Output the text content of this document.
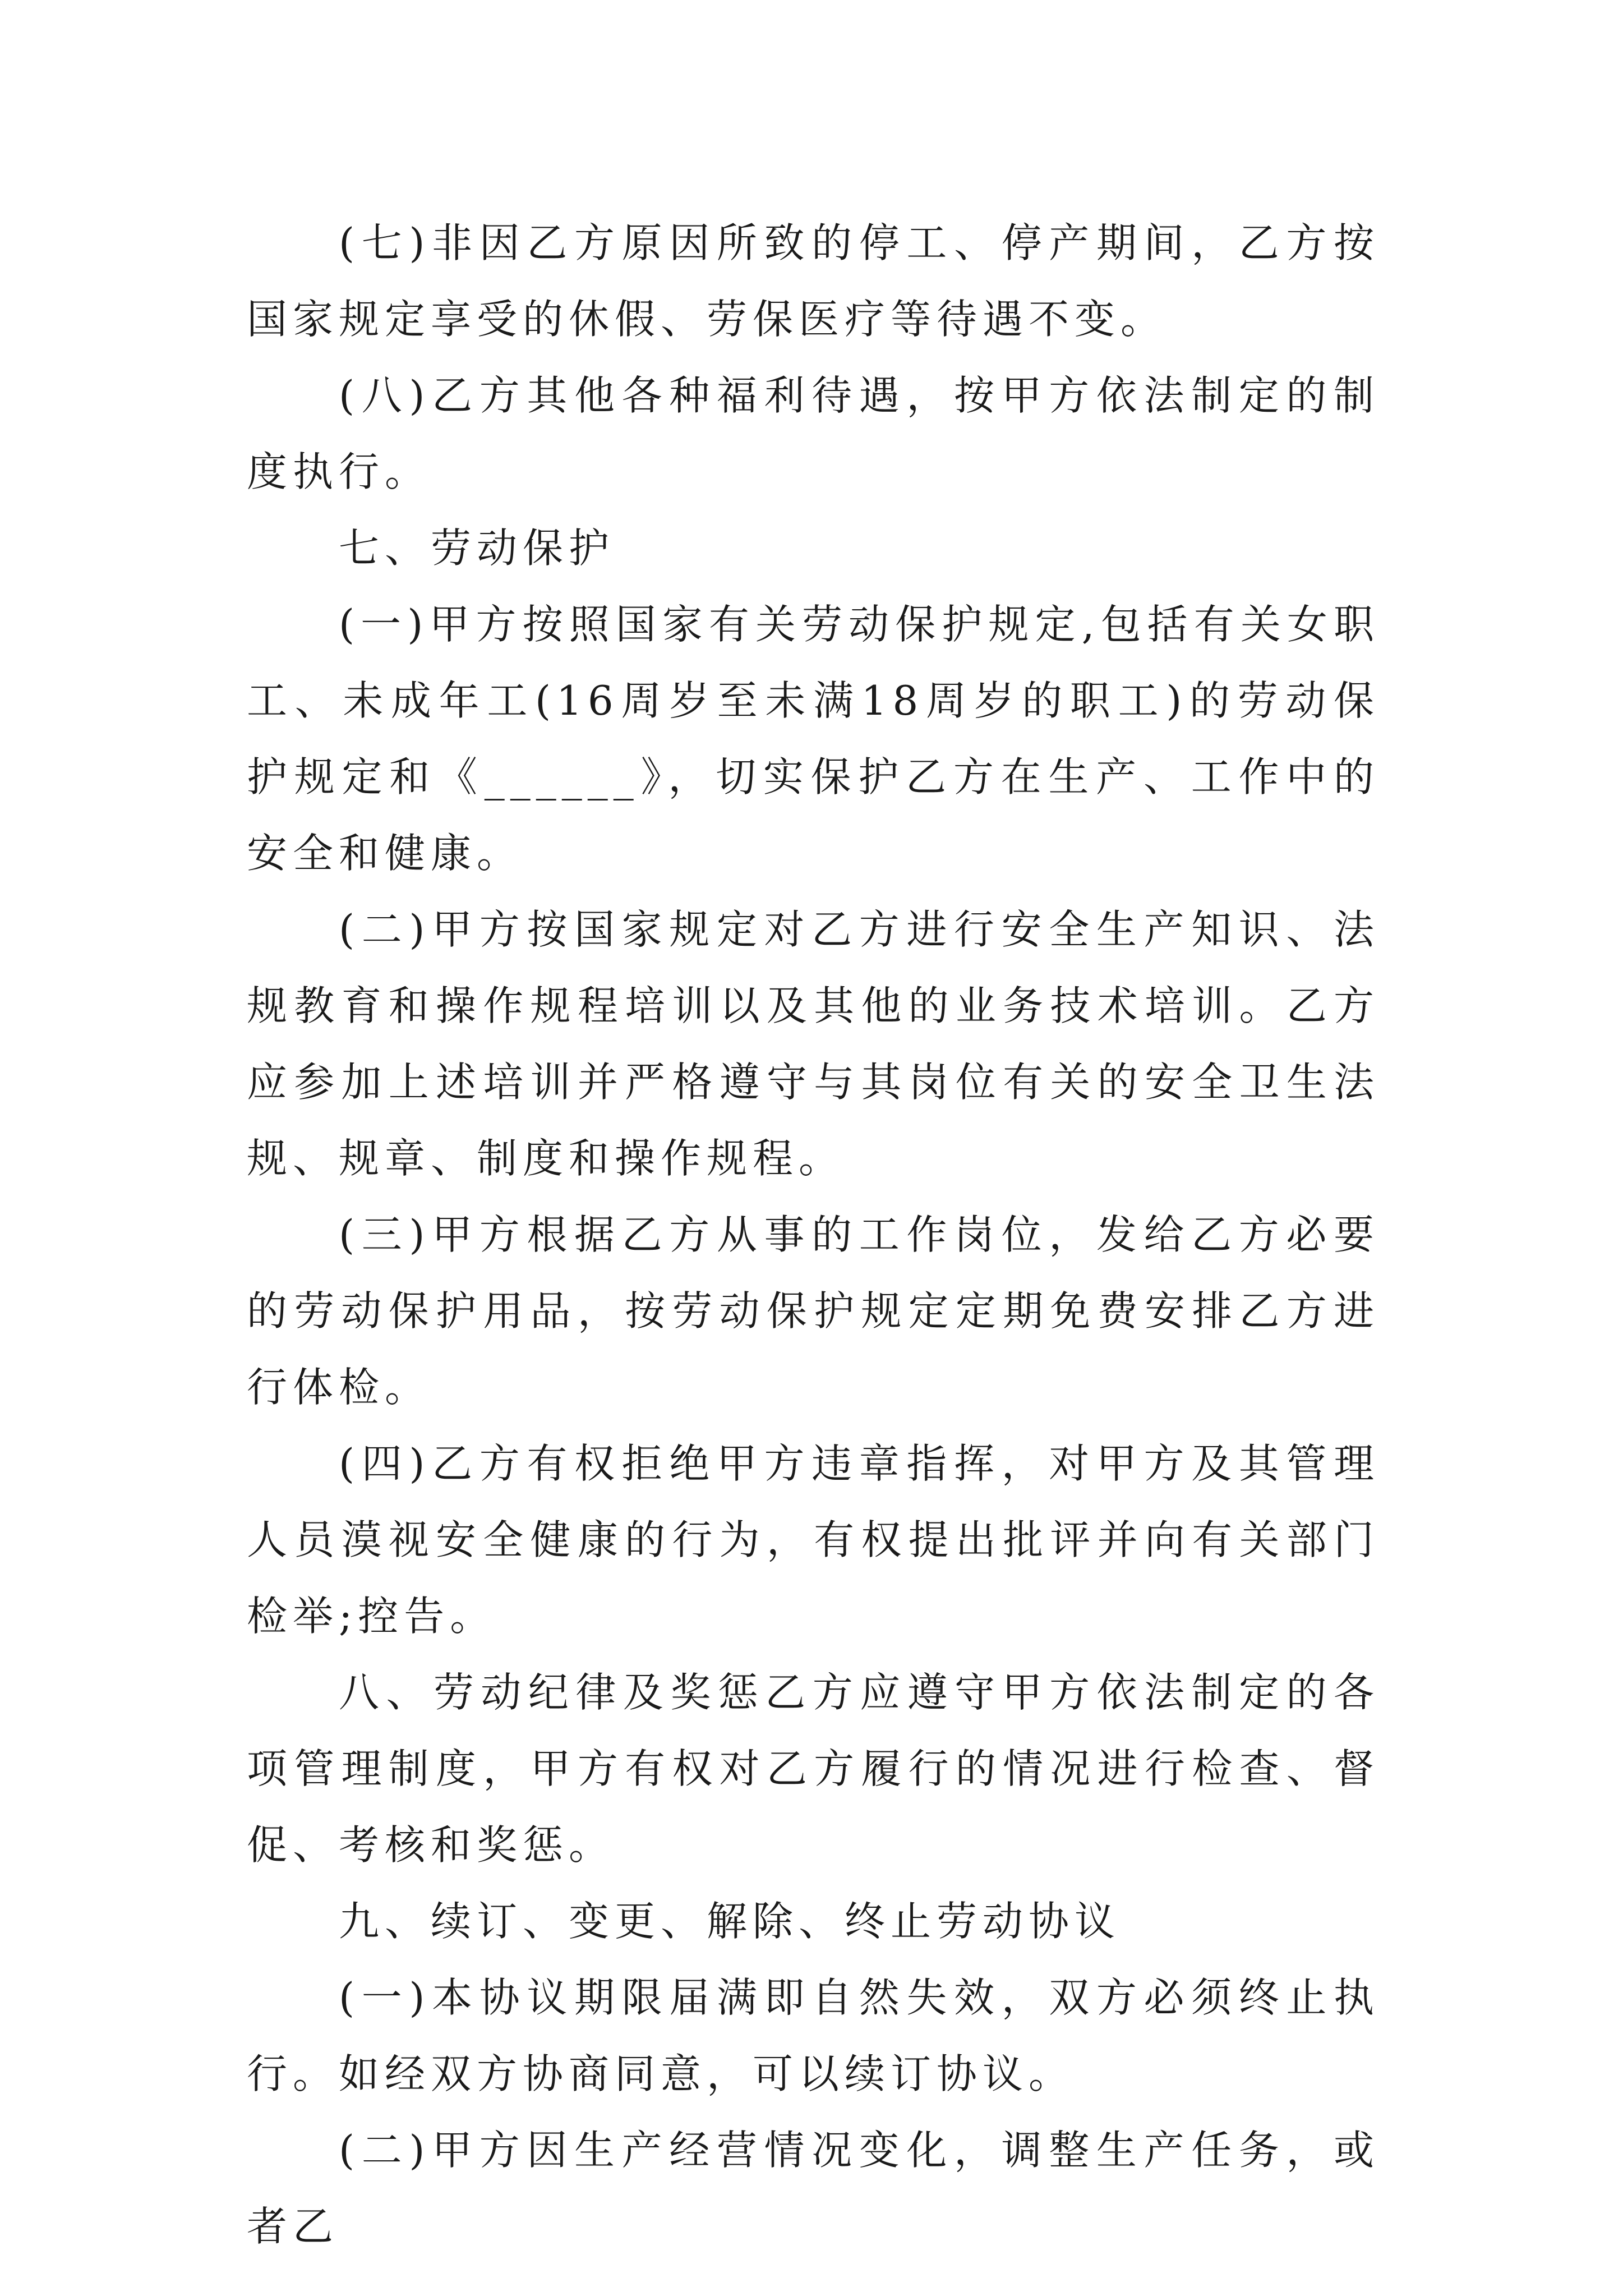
(七)非因乙方原因所致的停工、停产期间，乙方按国家规定享受的休假、劳保医疗等待遇不变。

(八)乙方其他各种福利待遇，按甲方依法制定的制度执行。

七、劳动保护

(一)甲方按照国家有关劳动保护规定,包括有关女职工、未成年工(16周岁至未满18周岁的职工)的劳动保护规定和《______》，切实保护乙方在生产、工作中的安全和健康。

(二)甲方按国家规定对乙方进行安全生产知识、法规教育和操作规程培训以及其他的业务技术培训。乙方应参加上述培训并严格遵守与其岗位有关的安全卫生法规、规章、制度和操作规程。

(三)甲方根据乙方从事的工作岗位，发给乙方必要的劳动保护用品，按劳动保护规定定期免费安排乙方进行体检。

(四)乙方有权拒绝甲方违章指挥，对甲方及其管理人员漠视安全健康的行为，有权提出批评并向有关部门检举;控告。

八、劳动纪律及奖惩乙方应遵守甲方依法制定的各项管理制度，甲方有权对乙方履行的情况进行检查、督促、考核和奖惩。

九、续订、变更、解除、终止劳动协议

(一)本协议期限届满即自然失效，双方必须终止执行。如经双方协商同意，可以续订协议。

(二)甲方因生产经营情况变化，调整生产任务，或者乙
